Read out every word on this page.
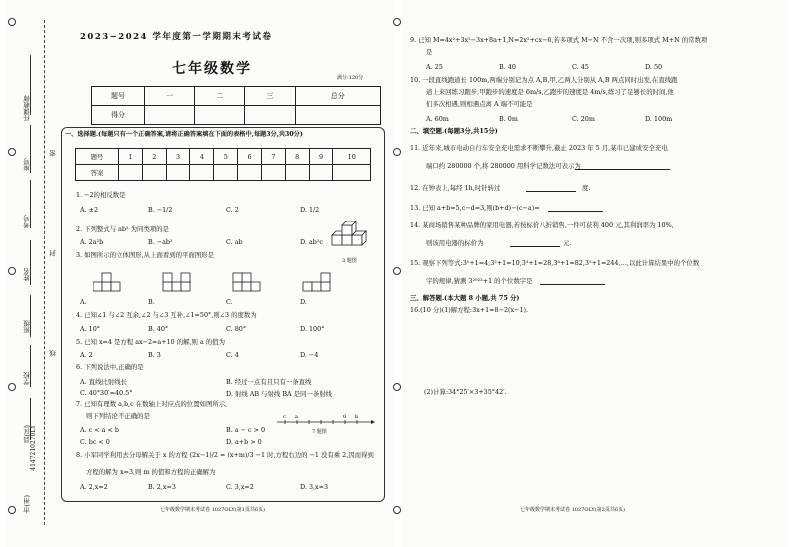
任课教师
座号
考号
姓名
班级
学校
县(区)
市(州)
4147210270LY
密
封
线
2023−2024 学年度第一学期期末考试卷
七年级数学
满分:120分
题号	一	二	三	总分
得分				
一、选择题.(每题只有一个正确答案,请将正确答案填在下面的表格中,每题3分,共30分)
题号	1	2	3	4	5	6	7	8	9	10
答案										
1. −2的相反数是
A. ±2	B. −1/2	C. 2	D. 1/2
2. 下列整式与 ab² 为同类项的是
A. 2a²b	B. −ab²	C. ab	D. ab²c
3. 如图所示的立体图形,从上面看到的平面图形是
A.	B.	C.	D.
4. 已知∠1 与∠2 互余,∠2 与∠3 互补,∠1=50°,则∠3 的度数为
A. 10°	B. 40°	C. 80°	D. 100°
5. 已知 x=4 是方程 ax−2=a+10 的解,则 a 的值为
A. 2	B. 3	C. 4	D. −4
6. 下列说法中,正确的是
A. 直线比射线长	B. 经过一点有且只有一条直线
C. 40°30′=40.5°	D. 射线 AB 与射线 BA 是同一条射线
7. 已知有理数 a,b,c 在数轴上对应点的位置如图所示,
则下列结论不正确的是
A. c < a < b	B. a − c > 0
C. bc < 0	D. a+b > 0
8. 小军同学利用去分母解关于 x 的方程 (2x−1)/2 = (x+m)/3 −1 时,方程右边的 −1 没有乘 2,因而得到
方程的解为 x=3,则 m 的值和方程的正确解为
A. 2,x=2	B. 2,x=3	C. 3,x=2	D. 3,x=3
3 题图
c a	0 b
7 题图
七年级数学期末考试卷 1027OLY(第1页共6页)
9. 已知 M=4x²+3x²−3x+8a+1,N=2x²+cx−6,若多项式 M−N 不含一次项,则多项式 M+N 的常数项
是
A. 25	B. 40	C. 45	D. 50
10. 一段直线跑道长 100m,两端分别记为点 A,B,甲,乙两人分别从 A,B 两点同时出发,在直线跑
道上来回练习跑步,甲跑步的速度是 6m/s,乙跑步的速度是 4m/s,练习了足够长的时间,他
们多次相遇,则相遇点离 A 端不可能是
A. 60m	B. 0m	C. 20m	D. 100m
二、填空题.(每题3分,共15分)
11. 近年来,城市电动自行车安全充电需求不断攀升,截止 2023 年 5 月,某市已建成安全充电
端口约 280000 个,将 280000 用科学记数法可表示为
12. 在钟表上,每经 1h,时针转过	度.
13. 已知 a+b=5,c−d=3,则(b+d)−(c−a)=
14. 某商场销售某种品牌的家用电器,若按标价八折销售,一件可获利 400 元,其利润率为 10%,
则该用电器的标价为	元.
15. 观察下列等式:3¹+1=4,3²+1=10,3³+1=28,3⁴+1=82,3⁵+1=244,…,以此计算结果中的个位数
字的规律,猜测 3²⁰²³+1 的个位数字是
三、解答题.(本大题 8 小题,共 75 分)
16.(10 分)(1)解方程:3x+1=8−2(x−1).
(2)计算:34°25′×3+35°42′.
七年级数学期末考试卷 1027OLY(第2页共6页)
